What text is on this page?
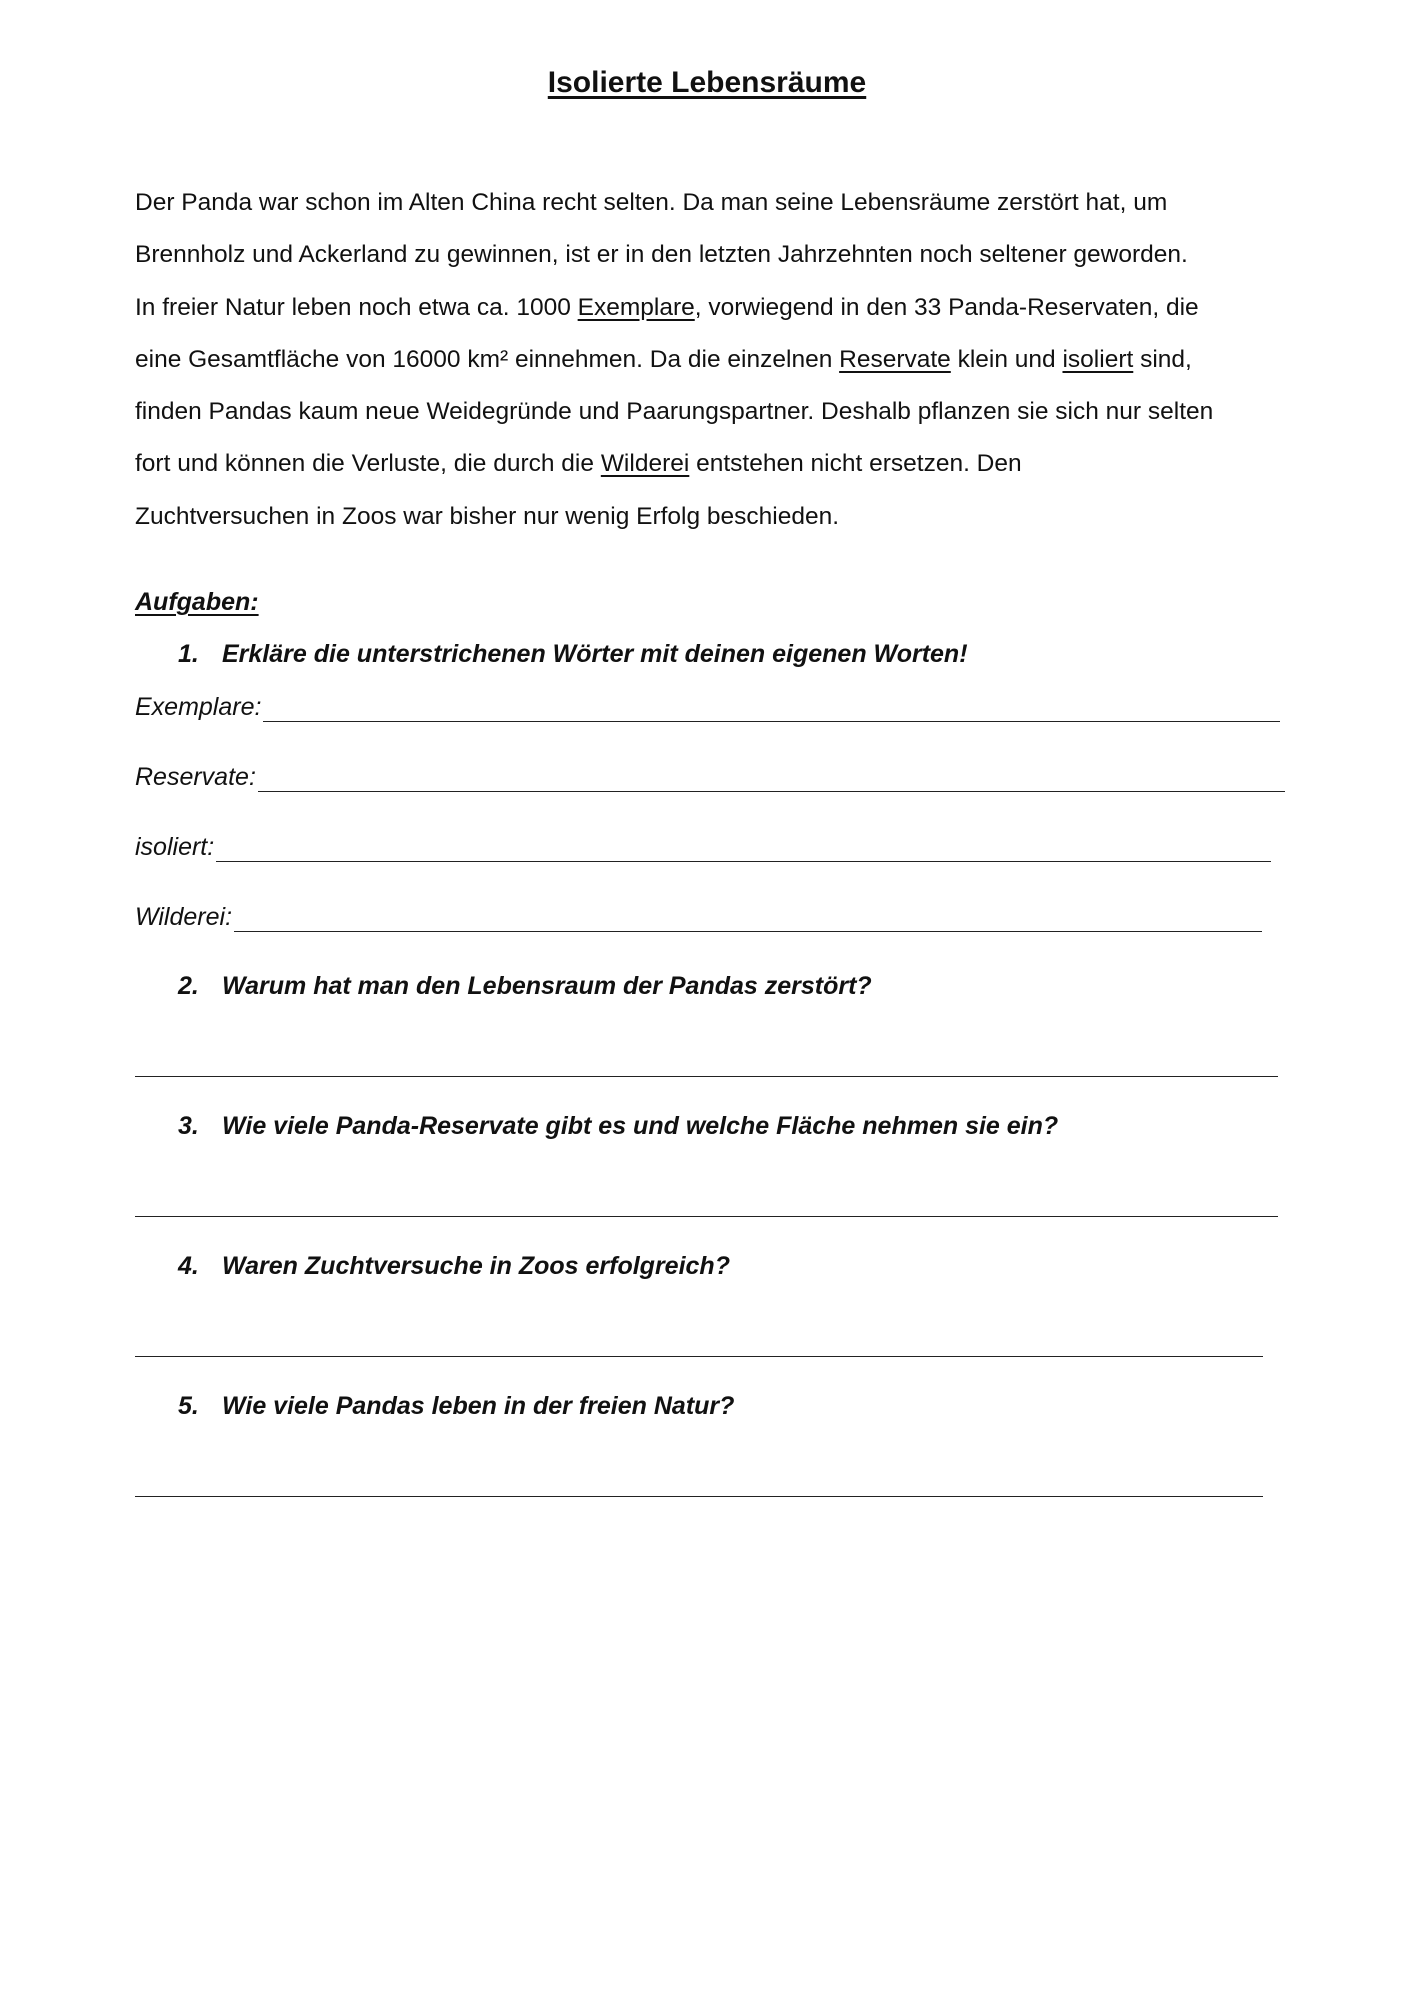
Isolierte Lebensräume

Der Panda war schon im Alten China recht selten. Da man seine Lebensräume zerstört hat, um
Brennholz und Ackerland zu gewinnen, ist er in den letzten Jahrzehnten noch seltener geworden.
In freier Natur leben noch etwa ca. 1000 Exemplare, vorwiegend in den 33 Panda-Reservaten, die
eine Gesamtfläche von 16000 km² einnehmen. Da die einzelnen Reservate klein und isoliert sind,
finden Pandas kaum neue Weidegründe und Paarungspartner. Deshalb pflanzen sie sich nur selten
fort und können die Verluste, die durch die Wilderei entstehen nicht ersetzen. Den
Zuchtversuchen in Zoos war bisher nur wenig Erfolg beschieden.

Aufgaben:

1. Erkläre die unterstrichenen Wörter mit deinen eigenen Worten!

Exemplare:
Reservate:
isoliert:
Wilderei:

2. Warum hat man den Lebensraum der Pandas zerstört?

3. Wie viele Panda-Reservate gibt es und welche Fläche nehmen sie ein?

4. Waren Zuchtversuche in Zoos erfolgreich?

5. Wie viele Pandas leben in der freien Natur?
